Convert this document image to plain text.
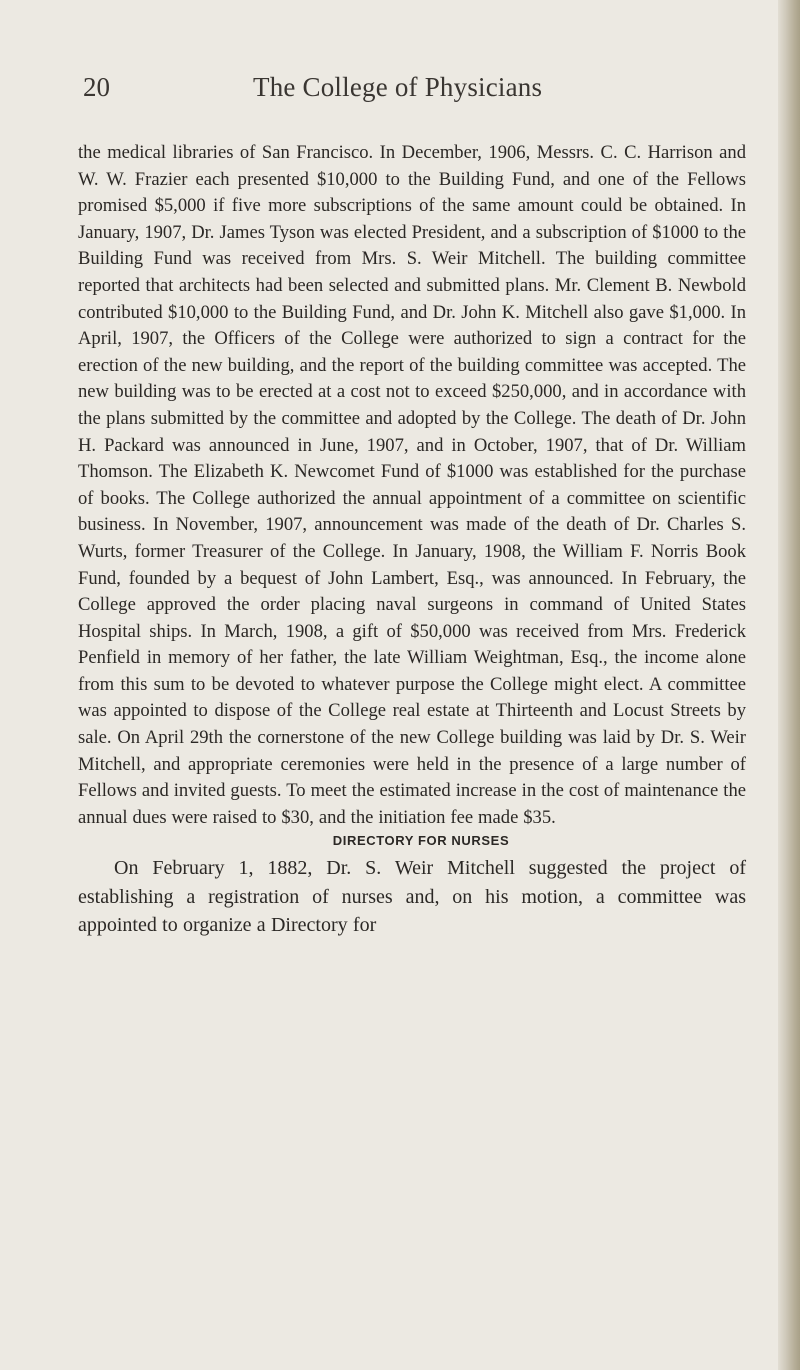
20	The College of Physicians

the medical libraries of San Francisco. In December, 1906, Messrs. C. C. Harrison and W. W. Frazier each presented $10,000 to the Building Fund, and one of the Fellows promised $5,000 if five more subscriptions of the same amount could be obtained. In January, 1907, Dr. James Tyson was elected President, and a subscription of $1000 to the Building Fund was received from Mrs. S. Weir Mitchell. The building committee reported that architects had been selected and submitted plans. Mr. Clement B. Newbold contributed $10,000 to the Building Fund, and Dr. John K. Mitchell also gave $1,000. In April, 1907, the Officers of the College were authorized to sign a contract for the erection of the new building, and the report of the building committee was accepted. The new building was to be erected at a cost not to exceed $250,000, and in accordance with the plans submitted by the committee and adopted by the College. The death of Dr. John H. Packard was announced in June, 1907, and in October, 1907, that of Dr. William Thomson. The Elizabeth K. Newcomet Fund of $1000 was established for the purchase of books. The College authorized the annual appointment of a committee on scientific business. In November, 1907, announcement was made of the death of Dr. Charles S. Wurts, former Treasurer of the College. In January, 1908, the William F. Norris Book Fund, founded by a bequest of John Lambert, Esq., was announced. In February, the College approved the order placing naval surgeons in command of United States Hospital ships. In March, 1908, a gift of $50,000 was received from Mrs. Frederick Penfield in memory of her father, the late William Weightman, Esq., the income alone from this sum to be devoted to whatever purpose the College might elect. A committee was appointed to dispose of the College real estate at Thirteenth and Locust Streets by sale. On April 29th the cornerstone of the new College building was laid by Dr. S. Weir Mitchell, and appropriate ceremonies were held in the presence of a large number of Fellows and invited guests. To meet the estimated increase in the cost of maintenance the annual dues were raised to $30, and the initiation fee made $35.

DIRECTORY FOR NURSES

On February 1, 1882, Dr. S. Weir Mitchell suggested the project of establishing a registration of nurses and, on his motion, a committee was appointed to organize a Directory for
